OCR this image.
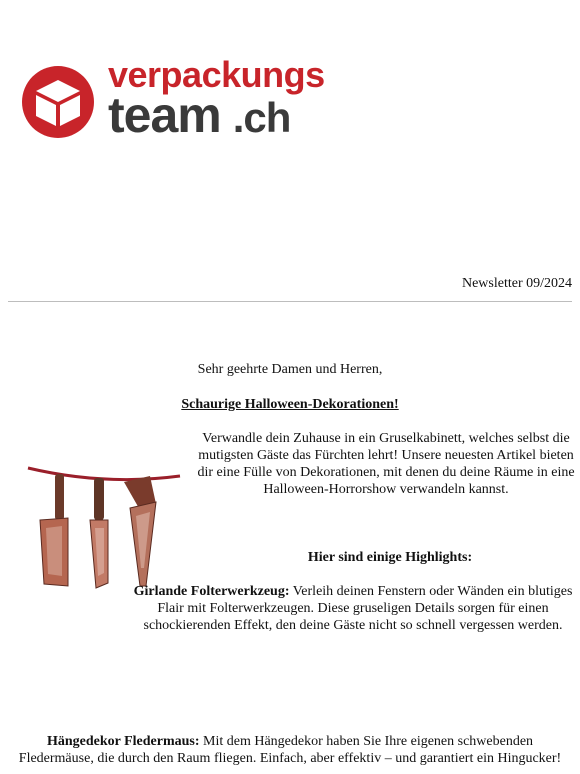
verpackungs
team .ch
Newsletter 09/2024
Sehr geehrte Damen und Herren,
Schaurige Halloween-Dekorationen!
Verwandle dein Zuhause in ein Gruselkabinett, welches selbst die mutigsten Gäste das Fürchten lehrt! Unsere neuesten Artikel bieten dir eine Fülle von Dekorationen, mit denen du deine Räume in eine Halloween-Horrorshow verwandeln kannst.
Hier sind einige Highlights:
Girlande Folterwerkzeug: Verleih deinen Fenstern oder Wänden ein blutiges Flair mit Folterwerkzeugen. Diese gruseligen Details sorgen für einen schockierenden Effekt, den deine Gäste nicht so schnell vergessen werden.
Hängedekor Fledermaus: Mit dem Hängedekor haben Sie Ihre eigenen schwebenden Fledermäuse, die durch den Raum fliegen. Einfach, aber effektiv – und garantiert ein Hingucker!
